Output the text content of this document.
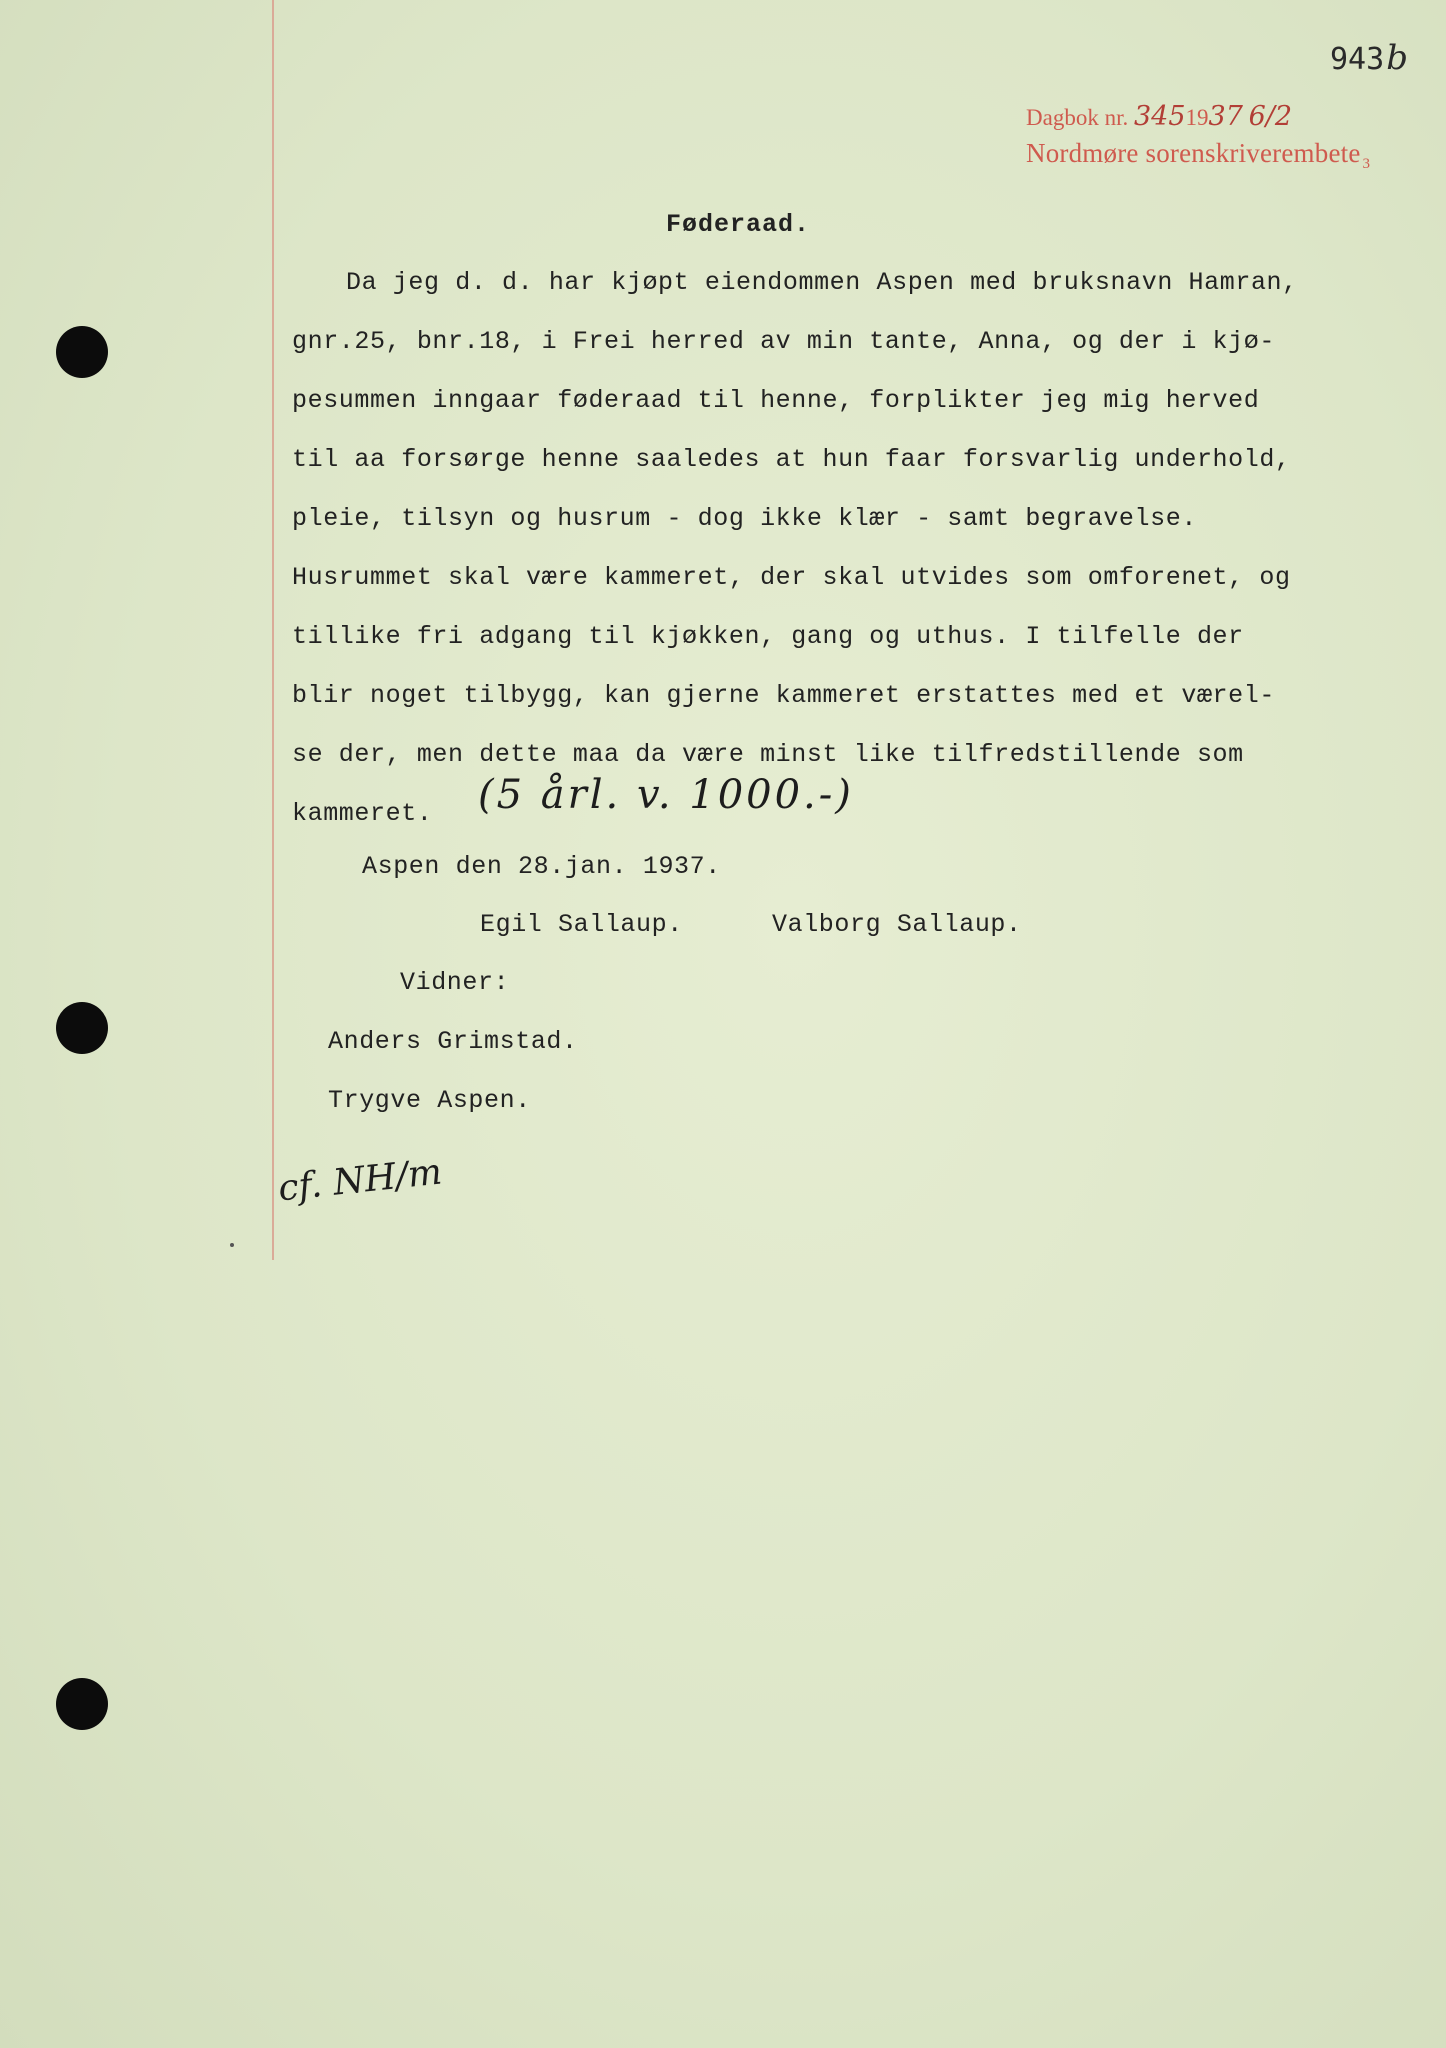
943b
Dagbok nr. 3451937 6/2
Nordmøre sorenskriverembete $_3$
Føderaad.
Da jeg d. d. har kjøpt eiendommen Aspen med bruksnavn Hamran,
gnr.25, bnr.18, i Frei herred av min tante, Anna, og der i kjø-
pesummen inngaar føderaad til henne, forplikter jeg mig herved
til aa forsørge henne saaledes at hun faar forsvarlig underhold,
pleie, tilsyn og husrum - dog ikke klær - samt begravelse.
Husrummet skal være kammeret, der skal utvides som omforenet, og
tillike fri adgang til kjøkken, gang og uthus. I tilfelle der
blir noget tilbygg, kan gjerne kammeret erstattes med et værel-
se der, men dette maa da være minst like tilfredstillende som
kammeret. (5 årl. v. 1000.-)
Aspen den 28.jan. 1937.
Egil Sallaup.	Valborg Sallaup.
Vidner:
Anders Grimstad.
Trygve Aspen.
cf. NH/m
